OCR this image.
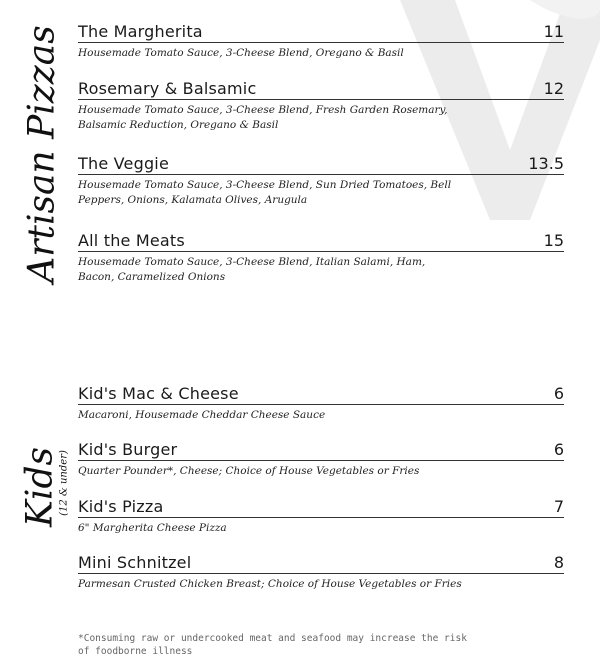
Artisan Pizzas
Kids
(12 & under)
The Margherita	11
Housemade Tomato Sauce, 3-Cheese Blend, Oregano & Basil
Rosemary & Balsamic	12
Housemade Tomato Sauce, 3-Cheese Blend, Fresh Garden Rosemary, Balsamic Reduction, Oregano & Basil
The Veggie	13.5
Housemade Tomato Sauce, 3-Cheese Blend, Sun Dried Tomatoes, Bell Peppers, Onions, Kalamata Olives, Arugula
All the Meats	15
Housemade Tomato Sauce, 3-Cheese Blend, Italian Salami, Ham, Bacon, Caramelized Onions
Kid's Mac & Cheese	6
Macaroni, Housemade Cheddar Cheese Sauce
Kid's Burger	6
Quarter Pounder*, Cheese; Choice of House Vegetables or Fries
Kid's Pizza	7
6" Margherita Cheese Pizza
Mini Schnitzel	8
Parmesan Crusted Chicken Breast; Choice of House Vegetables or Fries
*Consuming raw or undercooked meat and seafood may increase the risk of foodborne illness
